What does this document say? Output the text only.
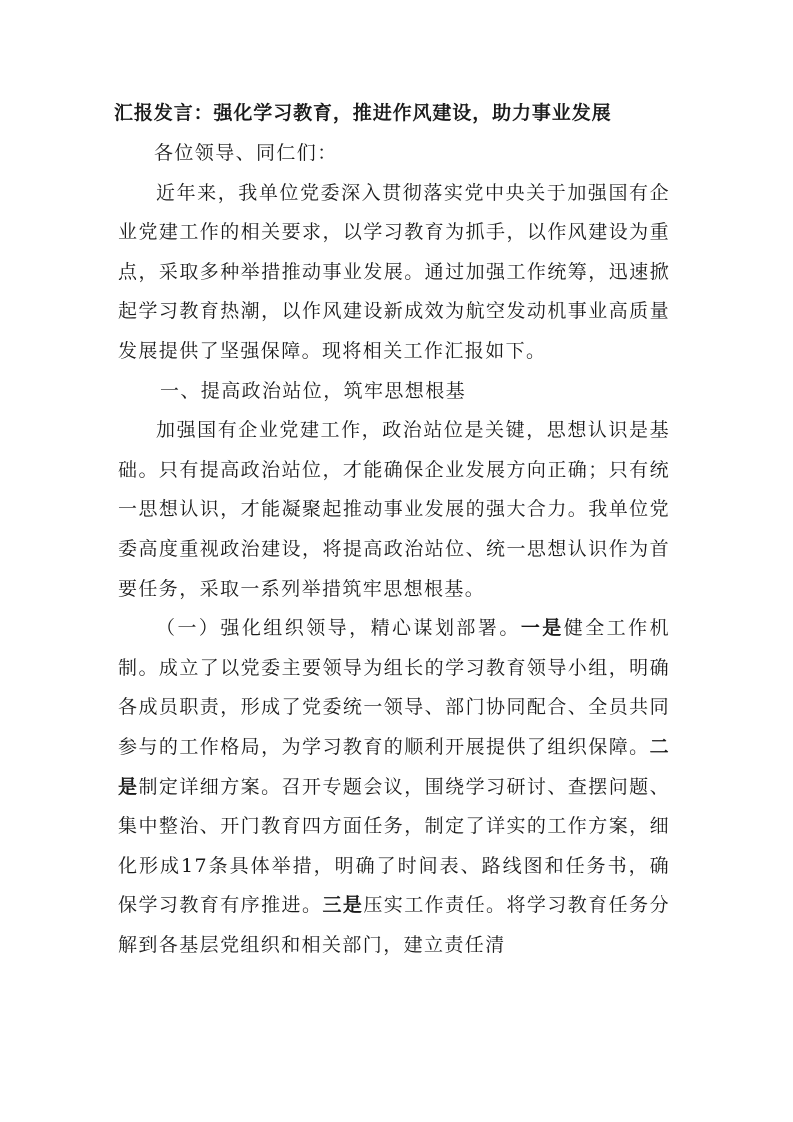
汇报发言：强化学习教育，推进作风建设，助力事业发展

各位领导、同仁们：

近年来，我单位党委深入贯彻落实党中央关于加强国有企业党建工作的相关要求，以学习教育为抓手，以作风建设为重点，采取多种举措推动事业发展。通过加强工作统筹，迅速掀起学习教育热潮，以作风建设新成效为航空发动机事业高质量发展提供了坚强保障。现将相关工作汇报如下。

一、提高政治站位，筑牢思想根基

加强国有企业党建工作，政治站位是关键，思想认识是基础。只有提高政治站位，才能确保企业发展方向正确；只有统一思想认识，才能凝聚起推动事业发展的强大合力。我单位党委高度重视政治建设，将提高政治站位、统一思想认识作为首要任务，采取一系列举措筑牢思想根基。

（一）强化组织领导，精心谋划部署。一是健全工作机制。成立了以党委主要领导为组长的学习教育领导小组，明确各成员职责，形成了党委统一领导、部门协同配合、全员共同参与的工作格局，为学习教育的顺利开展提供了组织保障。二是制定详细方案。召开专题会议，围绕学习研讨、查摆问题、集中整治、开门教育四方面任务，制定了详实的工作方案，细化形成17条具体举措，明确了时间表、路线图和任务书，确保学习教育有序推进。三是压实工作责任。将学习教育任务分解到各基层党组织和相关部门，建立责任清
